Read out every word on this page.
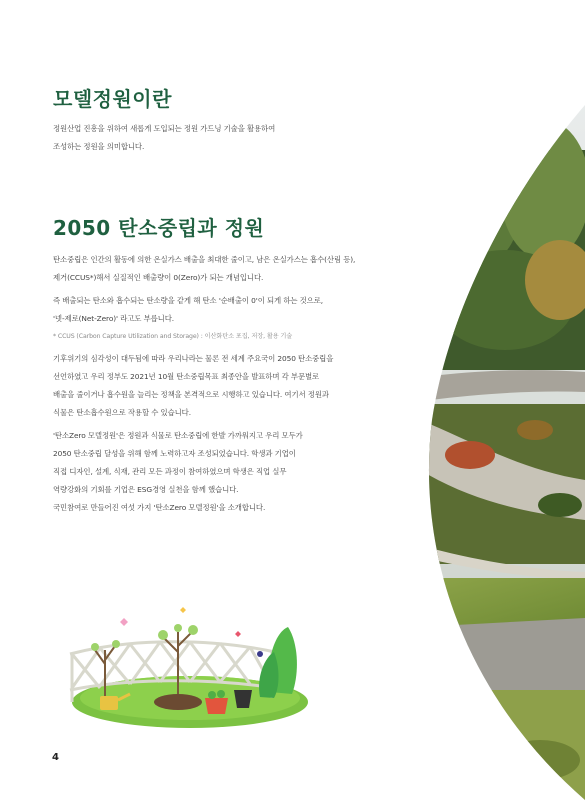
모델정원이란

정원산업 진흥을 위하여 새롭게 도입되는 정원 가드닝 기술을 활용하여
조성하는 정원을 의미합니다.

2050 탄소중립과 정원

탄소중립은 인간의 활동에 의한 온실가스 배출을 최대한 줄이고, 남은 온실가스는 흡수(산림 등),
제거(CCUS*)해서 실질적인 배출량이 0(Zero)가 되는 개념입니다.

즉 배출되는 탄소와 흡수되는 탄소량을 같게 해 탄소 '순배출이 0'이 되게 하는 것으로,
'넷-제로(Net-Zero)' 라고도 부릅니다.
* CCUS (Carbon Capture Utilization and Storage) : 이산화탄소 포집, 저장, 활용 기술

기후위기의 심각성이 대두됨에 따라 우리나라는 물론 전 세계 주요국이 2050 탄소중립을
선언하였고 우리 정부도 2021년 10월 탄소중립목표 최종안을 발표하며 각 부문별로
배출을 줄이거나 흡수원을 늘리는 정책을 본격적으로 시행하고 있습니다. 여기서 정원과
식물은 탄소흡수원으로 작용할 수 있습니다.

'탄소Zero 모델정원'은 정원과 식물로 탄소중립에 한발 가까워지고 우리 모두가
2050 탄소중립 달성을 위해 함께 노력하고자 조성되었습니다. 학생과 기업이
직접 디자인, 설계, 식재, 관리 모든 과정이 참여하였으며 학생은 직업 실무
역량강화의 기회를 기업은 ESG경영 실천을 함께 했습니다.
국민참여로 만들어진 여섯 가지 '탄소Zero 모델정원'을 소개합니다.

4
